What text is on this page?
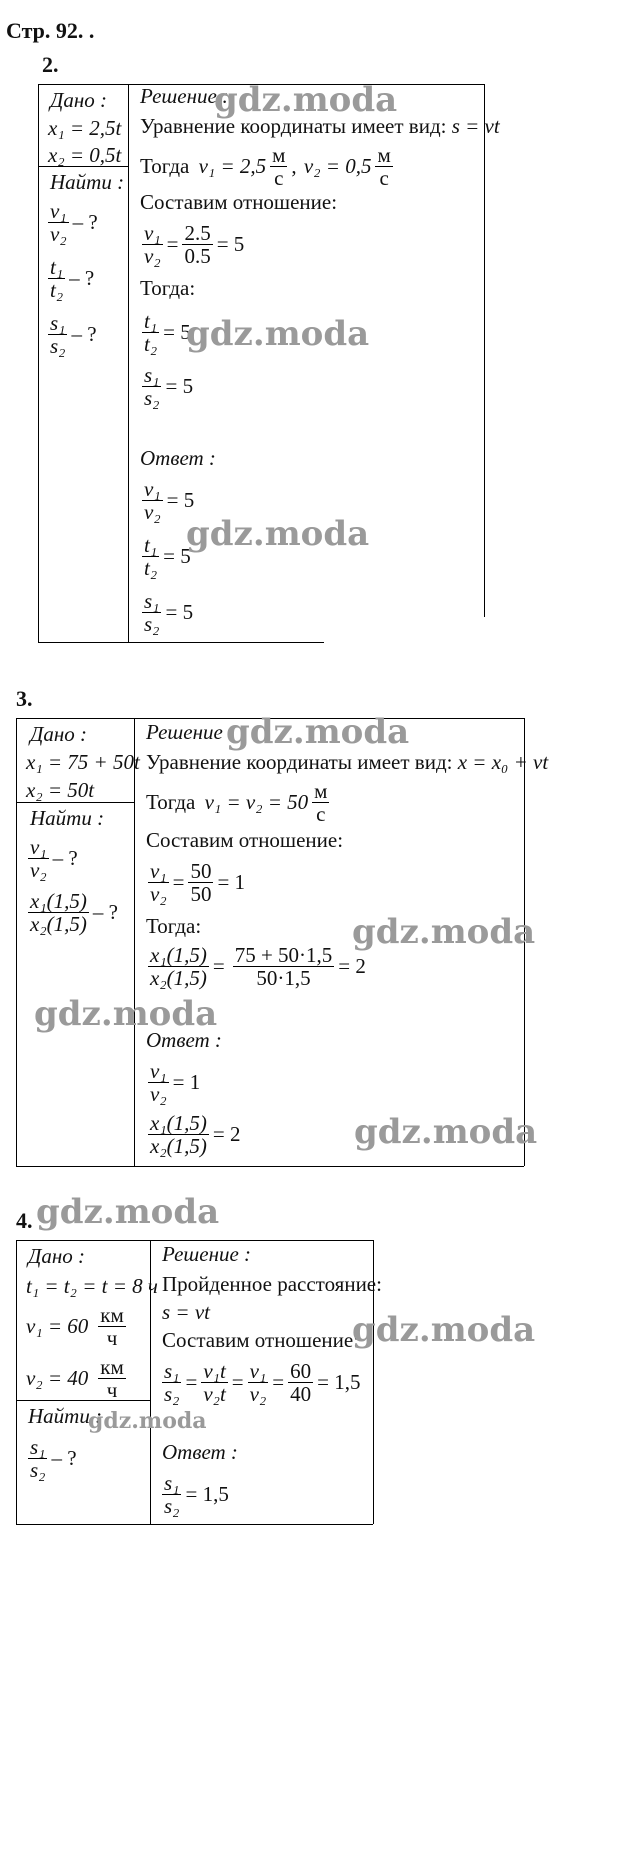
Стр. 92. .
2.
Дано :
x₁ = 2,5t
x₂ = 0,5t
Найти :
$\frac{\text{v₁}}{\text{v₂}}$ – ?
$\frac{\text{t₁}}{\text{t₂}}$ – ?
$\frac{\text{s₁}}{\text{s₂}}$ – ?
Решение :
Уравнение координаты имеет вид: s = vt
Тогда
$v_1 = 2,5 \frac{м}{с}$ , $v_2 = 0,5 \frac{м}{с}$
Составим отношение:
$\frac{\text{v₁}}{\text{v₂}} = \frac{2.5}{0.5} = 5$
Тогда:
$\frac{\text{t₁}}{\text{t₂}} = 5$
$\frac{\text{s₁}}{\text{s₂}} = 5$
Ответ :
$\frac{\text{v₁}}{\text{v₂}} = 5$
$\frac{\text{t₁}}{\text{t₂}} = 5$
$\frac{\text{s₁}}{\text{s₂}} = 5$
gdz.moda
gdz.moda
gdz.moda
3.
Дано :
x₁ = 75 + 50t
x₂ = 50t
Найти :
$\frac{\text{v₁}}{\text{v₂}}$ – ?
$\frac{\text{x₁(1,5)}}{\text{x₂(1,5)}}$ – ?
Решение :
Уравнение координаты имеет вид: x = x₀ + vt
Тогда
$v_1 = v_2 = 50 \frac{м}{с}$
Составим отношение:
$\frac{\text{v₁}}{\text{v₂}} = \frac{50}{50} = 1$
Тогда:
$\frac{\text{x₁(1,5)}}{\text{x₂(1,5)}} = \frac{75 + 50\cdot 1,5}{50\cdot 1,5} = 2$
Ответ :
$\frac{\text{v₁}}{\text{v₂}} = 1$
$\frac{\text{x₁(1,5)}}{\text{x₂(1,5)}} = 2$
gdz.moda
gdz.moda
gdz.moda
gdz.moda
4. gdz.moda
Дано :
t₁ = t₂ = t = 8 ч
$v_1 = 60 \frac{км}{ч}$
$v_2 = 40 \frac{км}{ч}$
Найти :
$\frac{\text{s₁}}{\text{s₂}}$ – ?
Решение :
Пройденное расстояние:
s = vt
Составим отношение:
$\frac{\text{s₁}}{\text{s₂}} = \frac{\text{v₁t}}{\text{v₂t}} = \frac{\text{v₁}}{\text{v₂}} = \frac{60}{40} = 1,5$
Ответ :
$\frac{\text{s₁}}{\text{s₂}} = 1,5$
gdz.moda
gdz.moda
